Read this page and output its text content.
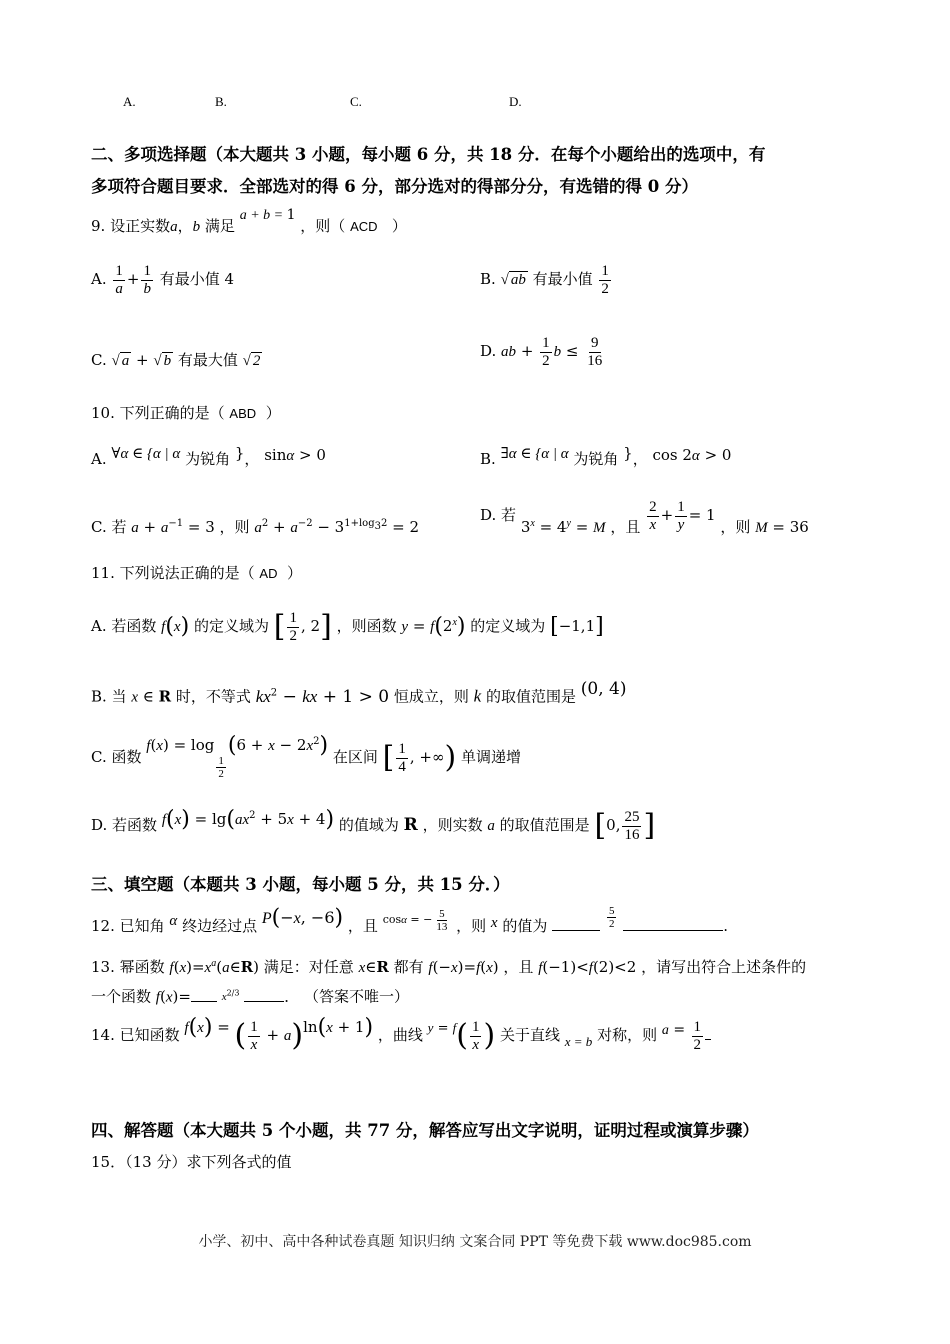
A.	B.	C.	D.
二、多项选择题（本大题共 3 小题，每小题 6 分，共 18 分．在每个小题给出的选项中，有
多项符合题目要求．全部选对的得 6 分，部分选对的得部分分，有选错的得 0 分）
9. 设正实数a，b 满足 a + b = 1 ，则（ ACD ）
A. $\frac{1}{a} + \frac{1}{b}$ 有最小值 4	B. √ ab 有最小值 $\frac{1}{2}$
C. √ a + √ b 有最大值 √ 2
D. ab + $\frac{1}{2}$ $b \le \frac{9}{16}$
10. 下列正确的是（ ABD ）
A. ∀α ∈ {α | α 为锐角 }， sinα > 0	B. ∃α ∈ {α | α 为锐角 }， cos 2α > 0
C. 若 $a + a^{-1} = 3$ ，则 $a^2 + a^{-2} - 3^{1+log_32} = 2$
D. 若 $3^x = 4^y = M$ ，且 $\frac{2}{x} + \frac{1}{y} = 1$ ，则 M = 36
11. 下列说法正确的是（ AD ）
A. 若函数 f(x) 的定义域为 [ $\frac{1}{2}$ , 2] ，则函数 $y = f(2^x)$ 的定义域为 [−1,1]
B. 当 x ∈ R 时，不等式 $kx^2$ − kx + 1 > 0 恒成立，则 k 的取值范围是 (0, 4)
C. 函数 f(x) = log
$\frac{1}{2}$
$(6 + x - 2x^2)$ 在区间 [ $\frac{1}{4}$ , +∞) 单调递增
D. 若函数 $f(x) = \lg(ax^2 + 5x + 4)$ 的值域为 R ，则实数 a 的取值范围是 [0, $\frac{25}{16}$ ]
三、填空题（本题共 3 小题，每小题 5 分，共 15 分．）
12. 已知角 α 终边经过点 P(−x, −6) ，且 $^{cos\alpha = - \frac{5}{13}}$ ，则 x 的值为	$\frac{5}{2}$	.
13. 幂函数 $f(x)=x^a(a\in R)$ 满足：对任意 x∈R 都有 f(−x)=f(x) ，且 f(−1)<f(2)<2 ，请写出符合上述条件的
一个函数 f(x)=	$x^{2/3}$	． （答案不唯一）
14. 已知函数 f(x) = ( $\frac{1}{x} + a)\ln(x + 1)$ ，曲线 $y = f( \frac{1}{x}$ ) 关于直线 x = b 对称，则 $a = \frac{1}{2}$
四、解答题（本大题共 5 个小题，共 77 分，解答应写出文字说明，证明过程或演算步骤）
15．（13 分）求下列各式的值
小学、初中、高中各种试卷真题 知识归纳 文案合同 PPT 等免费下载 www.doc985.com
